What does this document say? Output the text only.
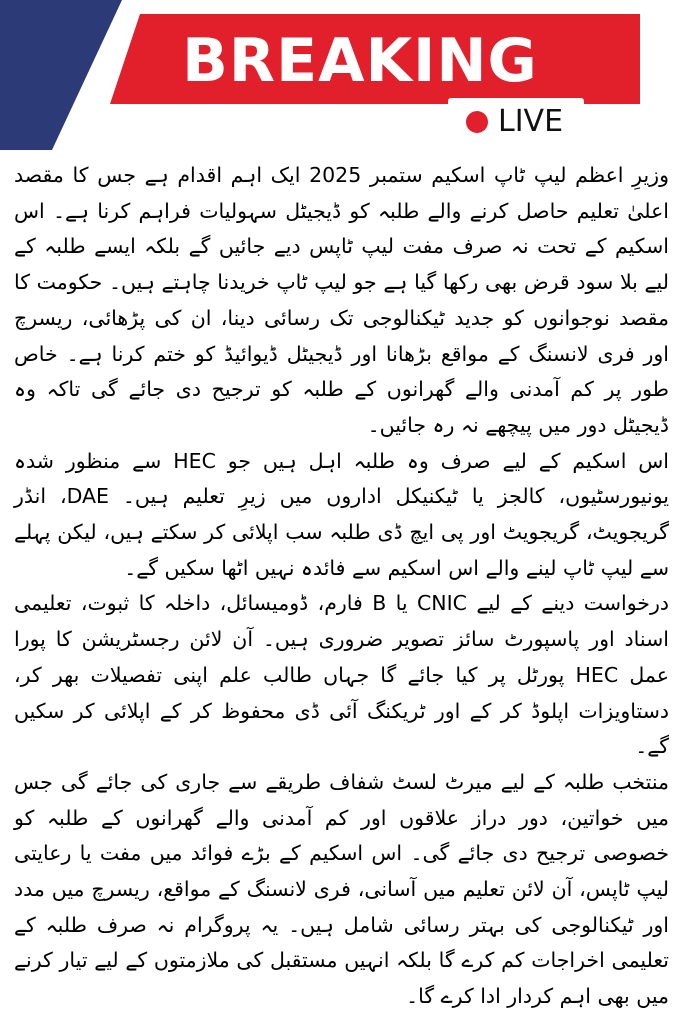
BREAKING
LIVE

وزیرِ اعظم لیپ ٹاپ اسکیم ستمبر 2025 ایک اہم اقدام ہے جس کا مقصد اعلیٰ تعلیم حاصل کرنے والے طلبہ کو ڈیجیٹل سہولیات فراہم کرنا ہے۔ اس اسکیم کے تحت نہ صرف مفت لیپ ٹاپس دیے جائیں گے بلکہ ایسے طلبہ کے لیے بلا سود قرض بھی رکھا گیا ہے جو لیپ ٹاپ خریدنا چاہتے ہیں۔ حکومت کا مقصد نوجوانوں کو جدید ٹیکنالوجی تک رسائی دینا، ان کی پڑھائی، ریسرچ اور فری لانسنگ کے مواقع بڑھانا اور ڈیجیٹل ڈیوائیڈ کو ختم کرنا ہے۔ خاص طور پر کم آمدنی والے گھرانوں کے طلبہ کو ترجیح دی جائے گی تاکہ وہ ڈیجیٹل دور میں پیچھے نہ رہ جائیں۔

اس اسکیم کے لیے صرف وہ طلبہ اہل ہیں جو HEC سے منظور شدہ یونیورسٹیوں، کالجز یا ٹیکنیکل اداروں میں زیرِ تعلیم ہیں۔ DAE، انڈر گریجویٹ، گریجویٹ اور پی ایچ ڈی طلبہ سب اپلائی کر سکتے ہیں، لیکن پہلے سے لیپ ٹاپ لینے والے اس اسکیم سے فائدہ نہیں اٹھا سکیں گے۔

درخواست دینے کے لیے CNIC یا B فارم، ڈومیسائل، داخلہ کا ثبوت، تعلیمی اسناد اور پاسپورٹ سائز تصویر ضروری ہیں۔ آن لائن رجسٹریشن کا پورا عمل HEC پورٹل پر کیا جائے گا جہاں طالب علم اپنی تفصیلات بھر کر، دستاویزات اپلوڈ کر کے اور ٹریکنگ آئی ڈی محفوظ کر کے اپلائی کر سکیں گے۔

منتخب طلبہ کے لیے میرٹ لسٹ شفاف طریقے سے جاری کی جائے گی جس میں خواتین، دور دراز علاقوں اور کم آمدنی والے گھرانوں کے طلبہ کو خصوصی ترجیح دی جائے گی۔ اس اسکیم کے بڑے فوائد میں مفت یا رعایتی لیپ ٹاپس، آن لائن تعلیم میں آسانی، فری لانسنگ کے مواقع، ریسرچ میں مدد اور ٹیکنالوجی کی بہتر رسائی شامل ہیں۔ یہ پروگرام نہ صرف طلبہ کے تعلیمی اخراجات کم کرے گا بلکہ انہیں مستقبل کی ملازمتوں کے لیے تیار کرنے میں بھی اہم کردار ادا کرے گا۔
